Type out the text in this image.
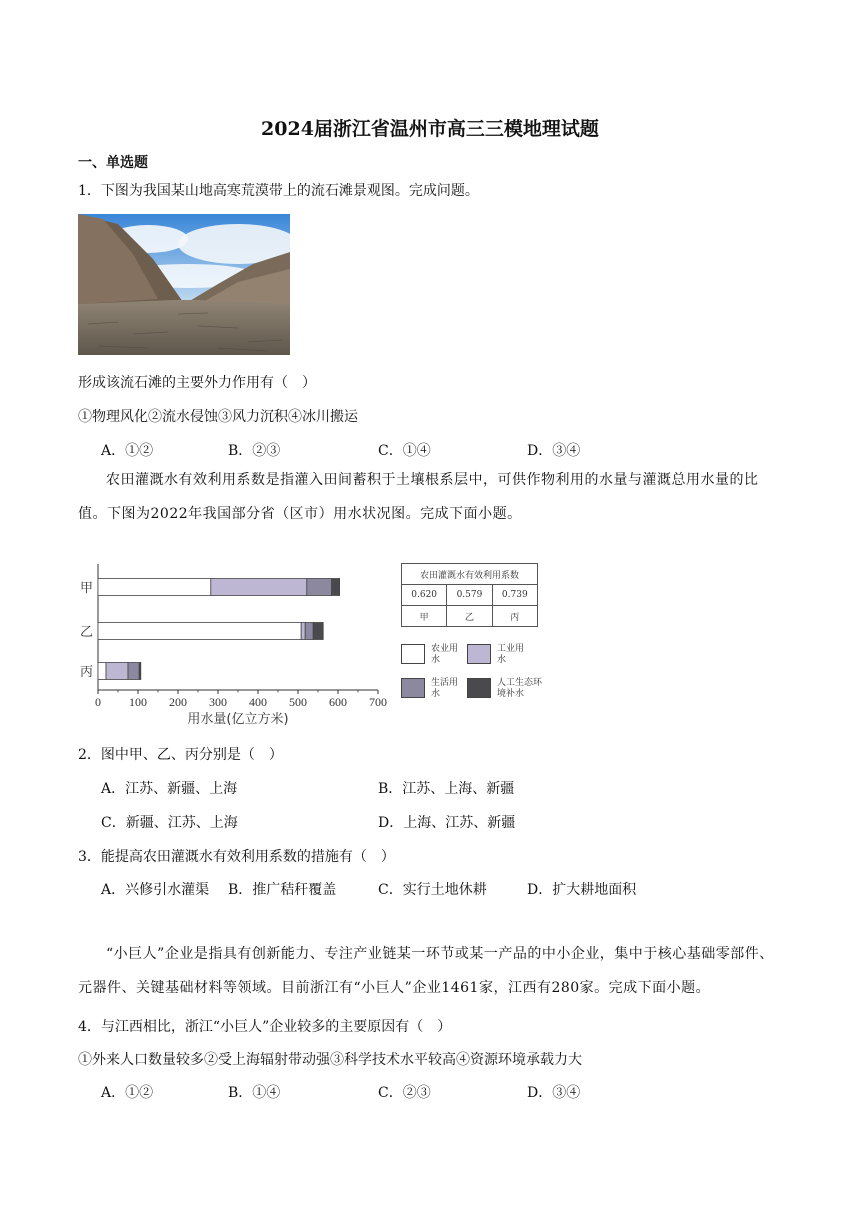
2024届浙江省温州市高三三模地理试题
一、单选题
1．下图为我国某山地高寒荒漠带上的流石滩景观图。完成问题。
形成该流石滩的主要外力作用有（　）
①物理风化②流水侵蚀③风力沉积④冰川搬运
A．①②	B．②③	C．①④	D．③④
农田灌溉水有效利用系数是指灌入田间蓄积于土壤根系层中，可供作物利用的水量与灌溉总用水量的比值。下图为2022年我国部分省（区市）用水状况图。完成下面小题。
0 100 200 300 400 500 600 700
用水量(亿立方米)
甲
乙
丙
农田灌溉水有效利用系数		
0.620	0.579	0.739
甲	乙	丙
农业用水
工业用水
生活用水
人工生态环境补水
2．图中甲、乙、丙分别是（　）
A．江苏、新疆、上海	B．江苏、上海、新疆
C．新疆、江苏、上海	D．上海、江苏、新疆
3．能提高农田灌溉水有效利用系数的措施有（　）
A．兴修引水灌渠 B．推广秸秆覆盖	C．实行土地休耕	D．扩大耕地面积
“小巨人”企业是指具有创新能力、专注产业链某一环节或某一产品的中小企业，集中于核心基础零部件、元器件、关键基础材料等领域。目前浙江有“小巨人”企业1461家，江西有280家。完成下面小题。
4．与江西相比，浙江“小巨人”企业较多的主要原因有（　）
①外来人口数量较多②受上海辐射带动强③科学技术水平较高④资源环境承载力大
A．①②	B．①④	C．②③	D．③④
